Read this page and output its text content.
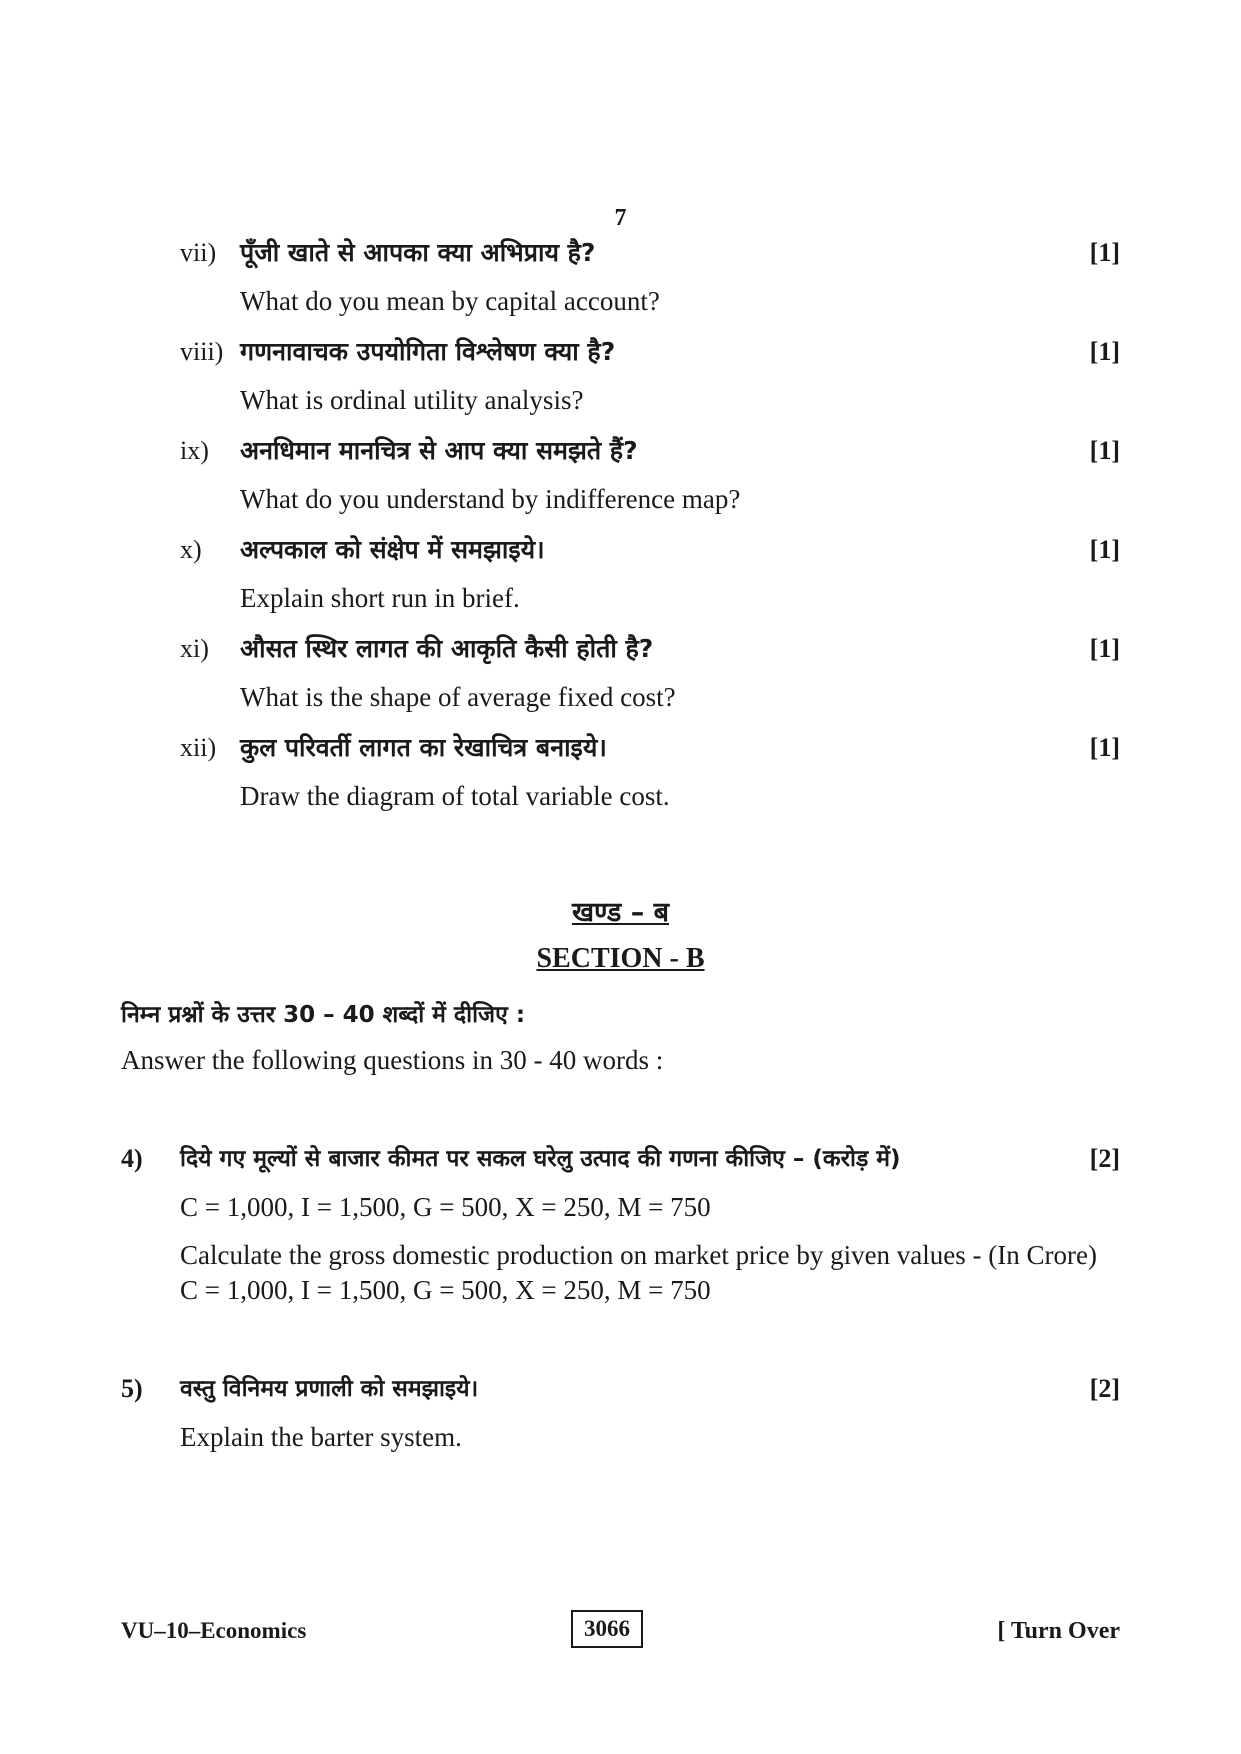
7
vii) पूँजी खाते से आपका क्या अभिप्राय है?	[1]
What do you mean by capital account?
viii) गणनावाचक उपयोगिता विश्लेषण क्या है?	[1]
What is ordinal utility analysis?
ix) अनधिमान मानचित्र से आप क्या समझते हैं?	[1]
What do you understand by indifference map?
x) अल्पकाल को संक्षेप में समझाइये।	[1]
Explain short run in brief.
xi) औसत स्थिर लागत की आकृति कैसी होती है?	[1]
What is the shape of average fixed cost?
xii) कुल परिवर्ती लागत का रेखाचित्र बनाइये।	[1]
Draw the diagram of total variable cost.
खण्ड – ब
SECTION - B
निम्न प्रश्नों के उत्तर 30 – 40 शब्दों में दीजिए :
Answer the following questions in 30 - 40 words :
4) दिये गए मूल्यों से बाजार कीमत पर सकल घरेलु उत्पाद की गणना कीजिए – (करोड़ में)	[2]
C = 1,000, I = 1,500, G = 500, X = 250, M = 750
Calculate the gross domestic production on market price by given values - (In Crore)
C = 1,000, I = 1,500, G = 500, X = 250, M = 750
5) वस्तु विनिमय प्रणाली को समझाइये।	[2]
Explain the barter system.
VU–10–Economics	3066	[ Turn Over
